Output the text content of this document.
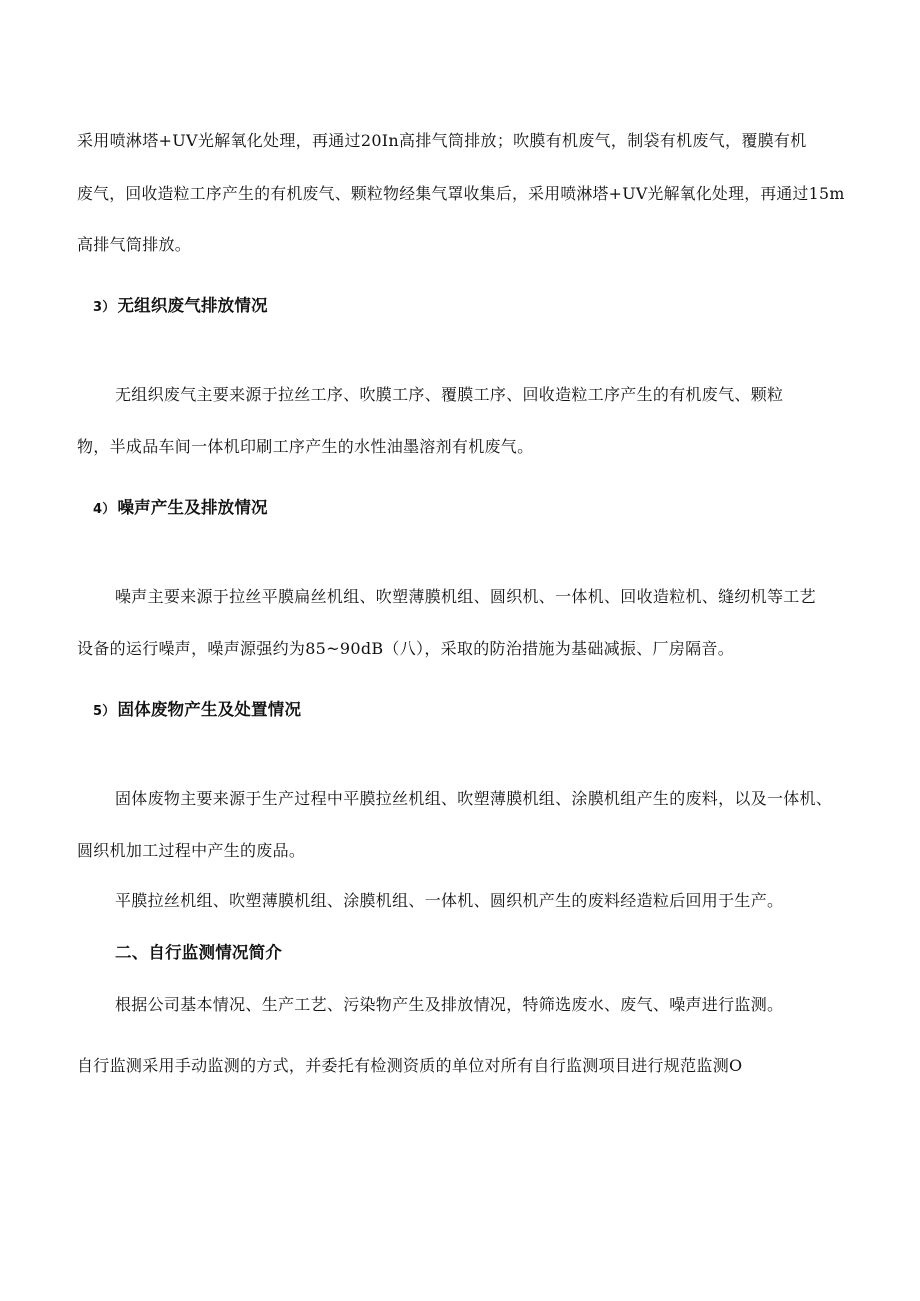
采用喷淋塔+UV光解氧化处理，再通过20In高排气筒排放；吹膜有机废气，制袋有机废气，覆膜有机
废气，回收造粒工序产生的有机废气、颗粒物经集气罩收集后，采用喷淋塔+UV光解氧化处理，再通过15m
高排气筒排放。
3） 无组织废气排放情况
无组织废气主要来源于拉丝工序、吹膜工序、覆膜工序、回收造粒工序产生的有机废气、颗粒
物，半成品车间一体机印刷工序产生的水性油墨溶剂有机废气。
4） 噪声产生及排放情况
噪声主要来源于拉丝平膜扁丝机组、吹塑薄膜机组、圆织机、一体机、回收造粒机、缝纫机等工艺
设备的运行噪声，噪声源强约为85~90dB（八），采取的防治措施为基础减振、厂房隔音。
5） 固体废物产生及处置情况
固体废物主要来源于生产过程中平膜拉丝机组、吹塑薄膜机组、涂膜机组产生的废料，以及一体机、
圆织机加工过程中产生的废品。
平膜拉丝机组、吹塑薄膜机组、涂膜机组、一体机、圆织机产生的废料经造粒后回用于生产。
二、自行监测情况简介
根据公司基本情况、生产工艺、污染物产生及排放情况，特筛选废水、废气、噪声进行监测。
自行监测采用手动监测的方式，并委托有检测资质的单位对所有自行监测项目进行规范监测O
